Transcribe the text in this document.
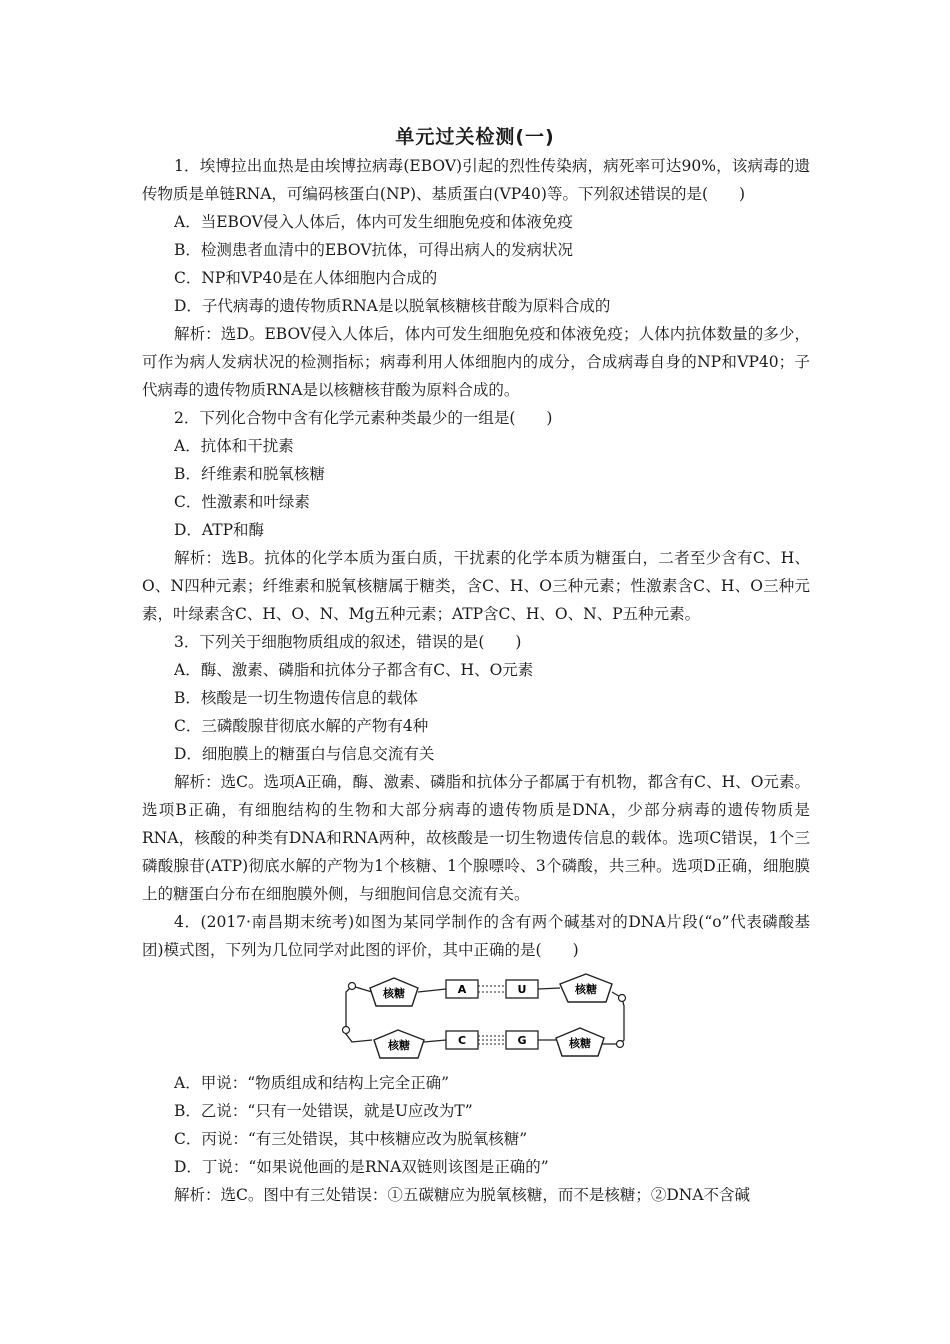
单元过关检测(一)

1．埃博拉出血热是由埃博拉病毒(EBOV)引起的烈性传染病，病死率可达90%，该病毒的遗传物质是单链RNA，可编码核蛋白(NP)、基质蛋白(VP40)等。下列叙述错误的是(　　)

A．当EBOV侵入人体后，体内可发生细胞免疫和体液免疫

B．检测患者血清中的EBOV抗体，可得出病人的发病状况

C．NP和VP40是在人体细胞内合成的

D．子代病毒的遗传物质RNA是以脱氧核糖核苷酸为原料合成的

解析：选D。EBOV侵入人体后，体内可发生细胞免疫和体液免疫；人体内抗体数量的多少，可作为病人发病状况的检测指标；病毒利用人体细胞内的成分，合成病毒自身的NP和VP40；子代病毒的遗传物质RNA是以核糖核苷酸为原料合成的。

2．下列化合物中含有化学元素种类最少的一组是(　　)

A．抗体和干扰素

B．纤维素和脱氧核糖

C．性激素和叶绿素

D．ATP和酶

解析：选B。抗体的化学本质为蛋白质，干扰素的化学本质为糖蛋白，二者至少含有C、H、O、N四种元素；纤维素和脱氧核糖属于糖类，含C、H、O三种元素；性激素含C、H、O三种元素，叶绿素含C、H、O、N、Mg五种元素；ATP含C、H、O、N、P五种元素。

3．下列关于细胞物质组成的叙述，错误的是(　　)

A．酶、激素、磷脂和抗体分子都含有C、H、O元素

B．核酸是一切生物遗传信息的载体

C．三磷酸腺苷彻底水解的产物有4种

D．细胞膜上的糖蛋白与信息交流有关

解析：选C。选项A正确，酶、激素、磷脂和抗体分子都属于有机物，都含有C、H、O元素。选项B正确，有细胞结构的生物和大部分病毒的遗传物质是DNA，少部分病毒的遗传物质是RNA，核酸的种类有DNA和RNA两种，故核酸是一切生物遗传信息的载体。选项C错误，1个三磷酸腺苷(ATP)彻底水解的产物为1个核糖、1个腺嘌呤、3个磷酸，共三种。选项D正确，细胞膜上的糖蛋白分布在细胞膜外侧，与细胞间信息交流有关。

4．(2017·南昌期末统考)如图为某同学制作的含有两个碱基对的DNA片段(“o”代表磷酸基团)模式图，下列为几位同学对此图的评价，其中正确的是(　　)

核糖
核糖
核糖
核糖
A	U
C	G

A．甲说：“物质组成和结构上完全正确”

B．乙说：“只有一处错误，就是U应改为T”

C．丙说：“有三处错误，其中核糖应改为脱氧核糖”

D．丁说：“如果说他画的是RNA双链则该图是正确的”

解析：选C。图中有三处错误：①五碳糖应为脱氧核糖，而不是核糖；②DNA不含碱
